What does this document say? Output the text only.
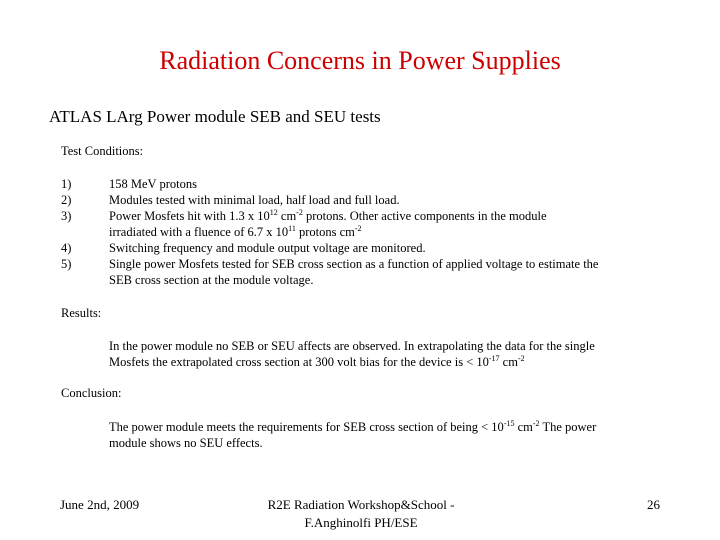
Radiation Concerns in Power Supplies
ATLAS LArg Power module SEB and SEU tests
Test Conditions:
1)	158 MeV protons
2)	Modules tested with minimal load, half load and full load.
3)	Power Mosfets hit with 1.3 x $10^{12}$ $cm^{-2}$ protons. Other active components in the module
irradiated with a fluence of 6.7 x $10^{11}$ protons $cm^{-2}$
4)	Switching frequency and module output voltage are monitored.
5)	Single power Mosfets tested for SEB cross section as a function of applied voltage to estimate the
SEB cross section at the module voltage.
Results:
In the power module no SEB or SEU affects are observed. In extrapolating the data for the single
Mosfets the extrapolated cross section at 300 volt bias for the device is < $10^{-17}$ $cm^{-2}$
Conclusion:
The power module meets the requirements for SEB cross section of being < $10^{-15}$ $cm^{-2}$ The power
module shows no SEU effects.
June 2nd, 2009	R2E Radiation Workshop&School -
F.Anghinolfi PH/ESE
26
